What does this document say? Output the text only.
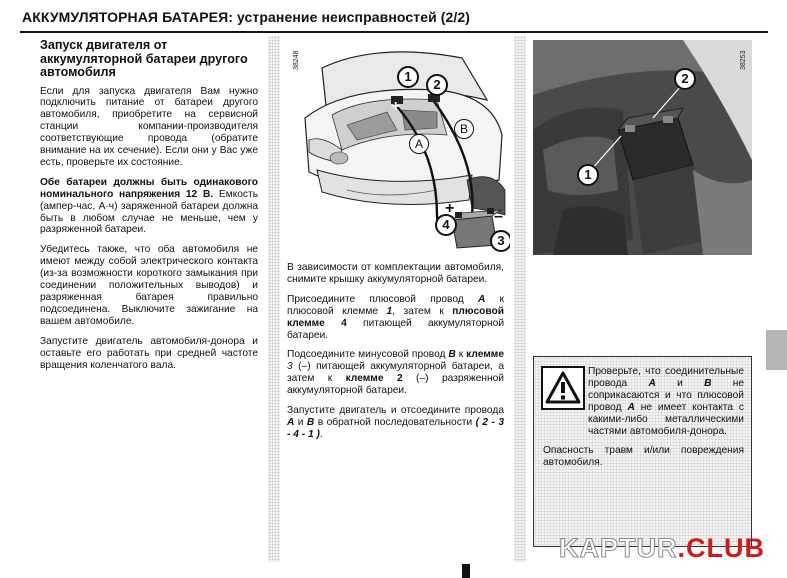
АККУМУЛЯТОРНАЯ БАТАРЕЯ: устранение неисправностей (2/2)
Запуск двигателя от аккумуляторной батареи другого автомобиля

Если для запуска двигателя Вам нужно подключить питание от батареи другого автомобиля, приобретите на сервисной станции компании-производителя соответствующие провода (обратите внимание на их сечение). Если они у Вас уже есть, проверьте их состояние.

Обе батареи должны быть одинакового номинального напряжения 12 В. Емкость (ампер-час, А·ч) заряженной батареи должна быть в любом случае не меньше, чем у разряженной батареи.

Убедитесь также, что оба автомобиля не имеют между собой электрического контакта (из-за возможности короткого замыкания при соединении положительных выводов) и разряженная батарея правильно подсоединена. Выключите зажигание на вашем автомобиле.

Запустите двигатель автомобиля-донора и оставьте его работать при средней частоте вращения коленчатого вала.

1
2
3
4
A
B
+
+ –
38248
2
1
38253

В зависимости от комплектации автомобиля, снимите крышку аккумуляторной батареи.

Присоедините плюсовой провод A к плюсовой клемме 1, затем к плюсовой клемме 4 питающей аккумуляторной батареи.

Подсоедините минусовой провод B к клемме 3 (–) питающей аккумуляторной батареи, а затем к клемме 2 (–) разряженной аккумуляторной батареи.

Запустите двигатель и отсоедините провода A и B в обратной последовательности ( 2 - 3 - 4 - 1 ).

Проверьте, что соединительные провода A и B не соприкасаются и что плюсовой провод A не имеет контакта с какими-либо металлическими частями автомобиля-донора.
Опасность травм и/или повреждения автомобиля.
KAPTUR.CLUB
